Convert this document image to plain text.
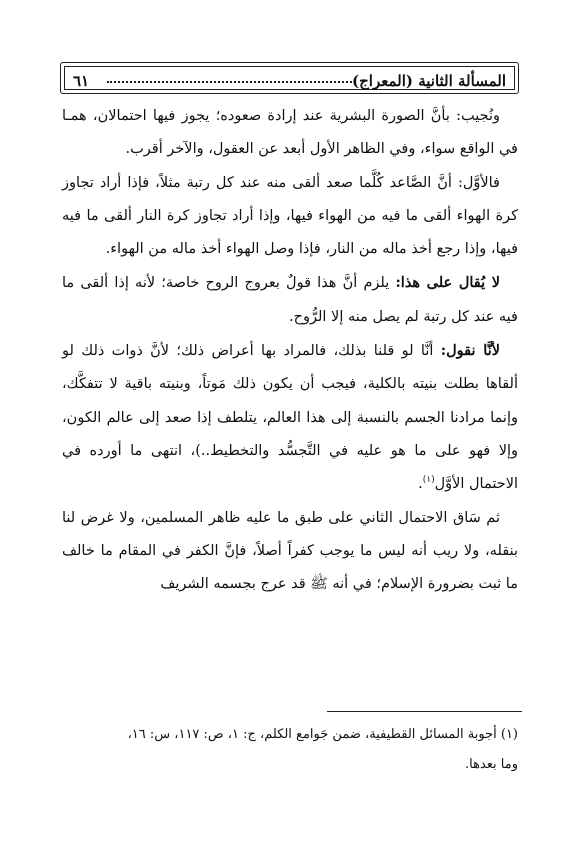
المسألة الثانية (المعراج)
٦١

ونُجيب: بأنَّ الصورة البشرية عند إرادة صعوده؛ يجوز فيها احتمالان، همـا في الواقع سواء، وفي الظاهر الأول أبعد عن العقول، والآخر أقرب.

فالأوَّل: أنَّ الصَّاعد كُلَّما صعد ألقى منه عند كل رتبة مثلاً، فإذا أراد تجاوز كرة الهواء ألقى ما فيه من الهواء فيها، وإذا أراد تجاوز كرة النار ألقى ما فيه فيها، وإذا رجع أخذ ماله من النار، فإذا وصل الهواء أخذ ماله من الهواء.

لا يُقال على هذا: يلزم أنَّ هذا قولٌ بعروج الروح خاصة؛ لأنه إذا ألقى ما فيه عند كل رتبة لم يصل منه إلا الرُّوح.

لأنَّا نقول: أنَّا لو قلنا بذلك، فالمراد بها أعراض ذلك؛ لأنَّ ذوات ذلك لو ألقاها بطلت بنيته بالكلية، فيجب أن يكون ذلك مَوتاً، وبنيته باقية لا تتفكَّك، وإنما مرادنا الجسم بالنسبة إلى هذا العالم، يتلطف إذا صعد إلى عالم الكون، وإلا فهو على ما هو عليه في التَّجسُّد والتخطيط..)، انتهى ما أورده في الاحتمال الأوَّل$^{(١)}$.

ثم سَاق الاحتمال الثاني على طبق ما عليه ظاهر المسلمين، ولا غرض لنا بنقله، ولا ريب أنه ليس ما يوجب كفراً أصلاً، فإنَّ الكفر في المقام ما خالف ما ثبت بضرورة الإسلام؛ في أنه ﷺ قد عرج بجسمه الشريف

(١) أجوبة المسائل القطيفية، ضمن جَوامع الكلم، ج: ١، ص: ١١٧، س: ١٦،

وما بعدها.
